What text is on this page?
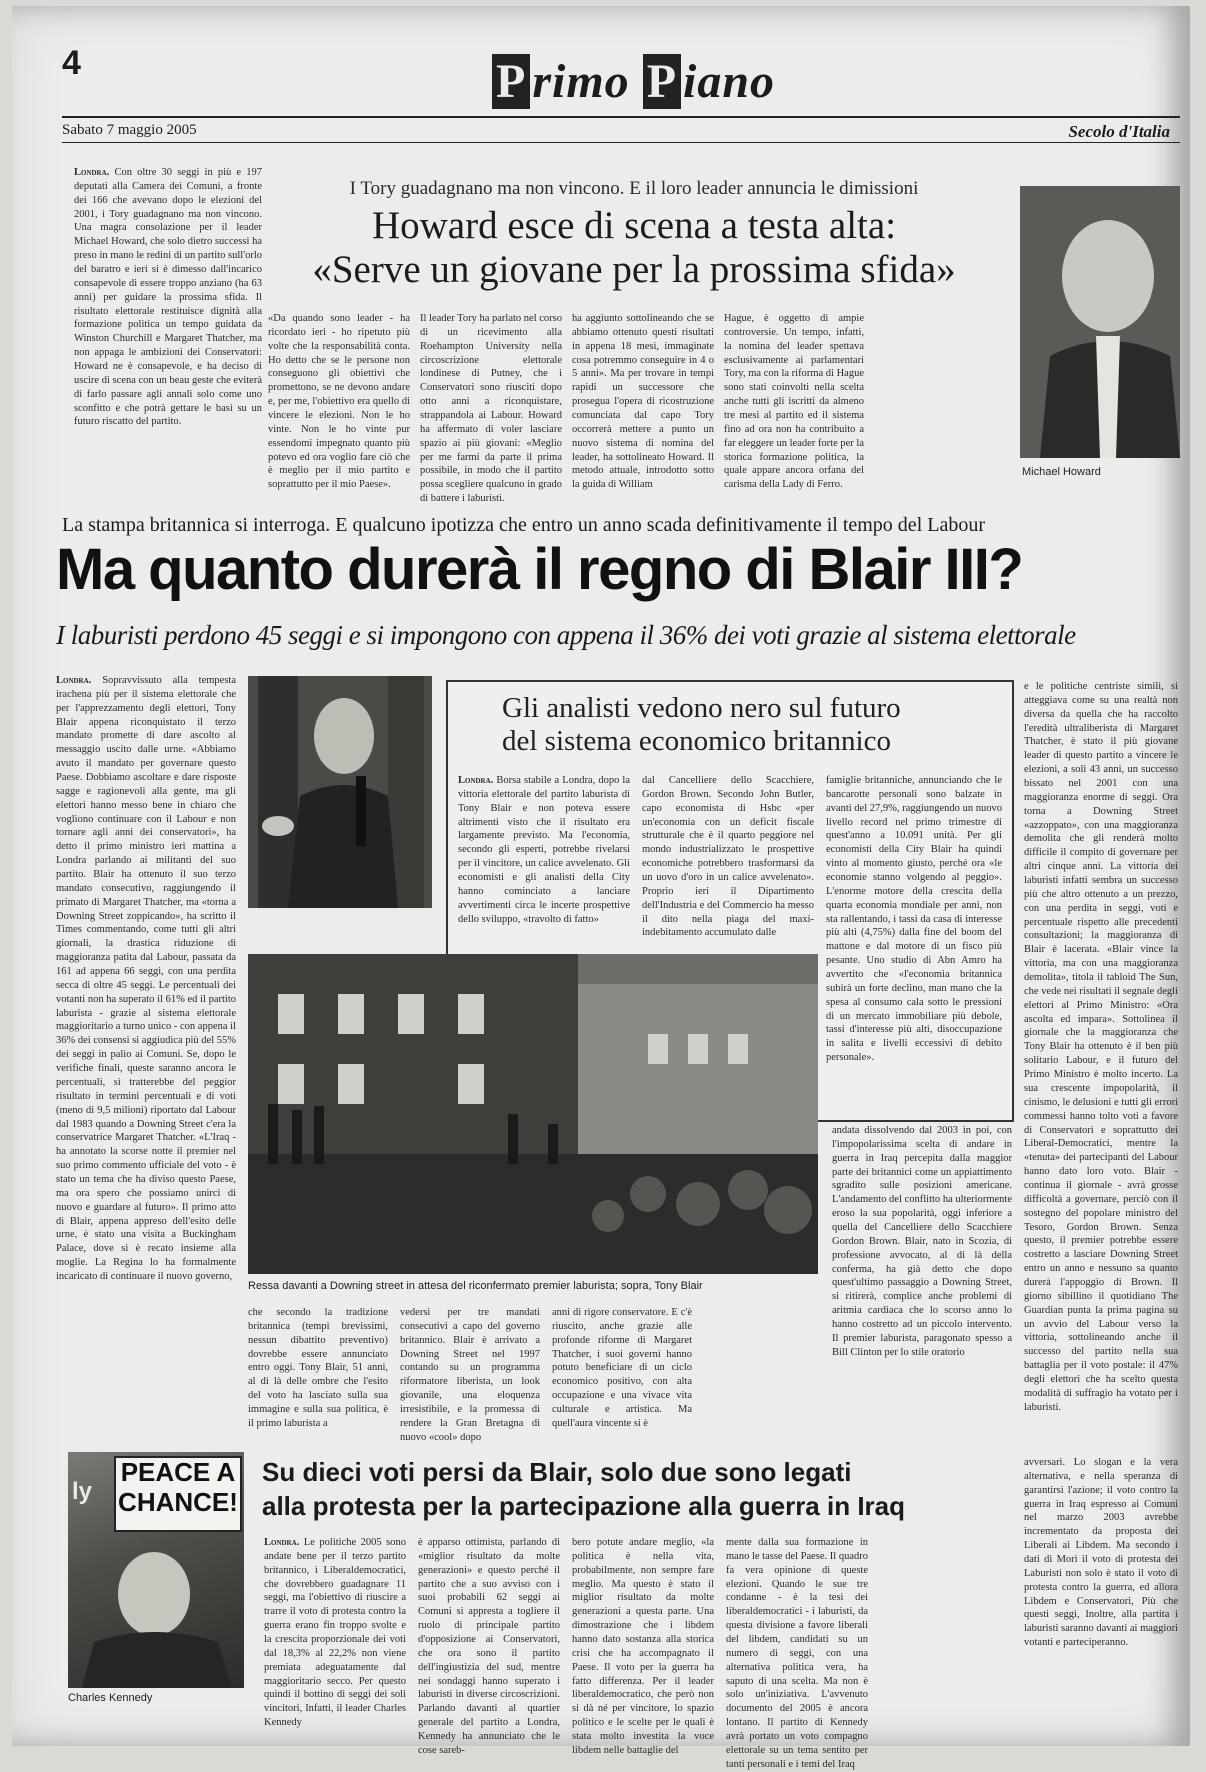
4	P rimo P iano
Sabato 7 maggio 2005	Secolo d'Italia
Londra. Con oltre 30 seggi in più e 197 deputati alla Camera dei Comuni, a fronte dei 166 che avevano dopo le elezioni del 2001, i Tory guadagnano ma non vincono. Una magra consolazione per il leader Michael Howard, che solo dietro successi ha preso in mano le redini di un partito sull'orlo del baratro e ieri si è dimesso dall'incarico consapevole di essere troppo anziano (ha 63 anni) per guidare la prossima sfida. Il risultato elettorale restituisce dignità alla formazione politica un tempo guidata da Winston Churchill e Margaret Thatcher, ma non appaga le ambizioni dei Conservatori: Howard ne è consapevole, e ha deciso di uscire di scena con un beau geste che eviterà di farlo passare agli annali solo come uno sconfitto e che potrà gettare le basi su un futuro riscatto del partito.
I Tory guadagnano ma non vincono. E il loro leader annuncia le dimissioni
Howard esce di scena a testa alta:
«Serve un giovane per la prossima sfida»
«Da quando sono leader - ha ricordato ieri - ho ripetuto più volte che la responsabilità conta. Ho detto che se le persone non conseguono gli obiettivi che promettono, se ne devono andare e, per me, l'obiettivo era quello di vincere le elezioni. Non le ho vinte. Non le ho vinte pur essendomi impegnato quanto più potevo ed ora voglio fare ciò che è meglio per il mio partito e soprattutto per il mio Paese».
Il leader Tory ha parlato nel corso di un ricevimento alla Roehampton University nella circoscrizione elettorale londinese di Putney, che i Conservatori sono riusciti dopo otto anni a riconquistare, strappandola ai Labour. Howard ha affermato di voler lasciare spazio ai più giovani: «Meglio per me farmi da parte il prima possibile, in modo che il partito possa scegliere qualcuno in grado di battere i laburisti.
ha aggiunto sottolineando che se abbiamo ottenuto questi risultati in appena 18 mesi, immaginate cosa potremmo conseguire in 4 o 5 anni». Ma per trovare in tempi rapidi un successore che prosegua l'opera di ricostruzione comunciata dal capo Tory occorrerà mettere a punto un nuovo sistema di nomina del leader, ha sottolineato Howard. Il metodo attuale, introdotto sotto la guida di William
Hague, è oggetto di ampie controversie. Un tempo, infatti, la nomina del leader spettava esclusivamente ai parlamentari Tory, ma con la riforma di Hague sono stati coinvolti nella scelta anche tutti gli iscritti da almeno tre mesi al partito ed il sistema fino ad ora non ha contribuito a far eleggere un leader forte per la storica formazione politica, la quale appare ancora orfana del carisma della Lady di Ferro.
Michael Howard
La stampa britannica si interroga. E qualcuno ipotizza che entro un anno scada definitivamente il tempo del Labour
Ma quanto durerà il regno di Blair III?
I laburisti perdono 45 seggi e si impongono con appena il 36% dei voti grazie al sistema elettorale
Londra. Sopravvissuto alla tempesta irachena più per il sistema elettorale che per l'apprezzamento degli elettori, Tony Blair appena riconquistato il terzo mandato promette di dare ascolto al messaggio uscito dalle urne. «Abbiamo avuto il mandato per governare questo Paese. Dobbiamo ascoltare e dare risposte sagge e ragionevoli alla gente, ma gli elettori hanno messo bene in chiaro che vogliono continuare con il Labour e non tornare agli anni dei conservatori», ha detto il primo ministro ieri mattina a Londra parlando ai militanti del suo partito. Blair ha ottenuto il suo terzo mandato consecutivo, raggiungendo il primato di Margaret Thatcher, ma «torna a Downing Street zoppicando», ha scritto il Times commentando, come tutti gli altri giornali, la drastica riduzione di maggioranza patita dal Labour, passata da 161 ad appena 66 seggi, con una perdita secca di oltre 45 seggi. Le percentuali dei votanti non ha superato il 61% ed il partito laburista - grazie al sistema elettorale maggioritario a turno unico - con appena il 36% dei consensi si aggiudica più del 55% dei seggi in palio ai Comuni. Se, dopo le verifiche finali, queste saranno ancora le percentuali, si tratterebbe del peggior risultato in termini percentuali e di voti (meno di 9,5 milioni) riportato dal Labour dal 1983 quando a Downing Street c'era la conservatrice Margaret Thatcher. «L'Iraq - ha annotato la scorse notte il premier nel suo primo commento ufficiale del voto - è stato un tema che ha diviso questo Paese, ma ora spero che possiamo unirci di nuovo e guardare al futuro». Il primo atto di Blair, appena appreso dell'esito delle urne, è stato una visita a Buckingham Palace, dove si è recato insieme alla moglie. La Regina lo ha formalmente incaricato di continuare il nuovo governo,
Gli analisti vedono nero sul futuro
del sistema economico britannico
Londra. Borsa stabile a Londra, dopo la vittoria elettorale del partito laburista di Tony Blair e non poteva essere altrimenti visto che il risultato era largamente previsto. Ma l'economia, secondo gli esperti, potrebbe rivelarsi per il vincitore, un calice avvelenato. Gli economisti e gli analisti della City hanno cominciato a lanciare avvertimenti circa le incerte prospettive dello sviluppo, «travolto di fatto»
dal Cancelliere dello Scacchiere, Gordon Brown. Secondo John Butler, capo economista di Hsbc «per un'economia con un deficit fiscale strutturale che è il quarto peggiore nel mondo industrializzato le prospettive economiche potrebbero trasformarsi da un uovo d'oro in un calice avvelenato». Proprio ieri il Dipartimento dell'Industria e del Commercio ha messo il dito nella piaga del maxi-indebitamento accumulato dalle
famiglie britanniche, annunciando che le bancarotte personali sono balzate in avanti del 27,9%, raggiungendo un nuovo livello record nel primo trimestre di quest'anno a 10.091 unità. Per gli economisti della City Blair ha quindi vinto al momento giusto, perché ora «le economie stanno volgendo al peggio». L'enorme motore della crescita della quarta economia mondiale per anni, non sta rallentando, i tassi da casa di interesse più alti (4,75%) dalla fine del boom del mattone e dal motore di un fisco più pesante. Uno studio di Abn Amro ha avvertito che «l'economia britannica subirà un forte declino, man mano che la spesa al consumo cala sotto le pressioni di un mercato immobiliare più debole, tassi d'interesse più alti, disoccupazione in salita e livelli eccessivi di debito personale».
Ressa davanti a Downing street in attesa del riconfermato premier laburista; sopra, Tony Blair
che secondo la tradizione britannica (tempi brevissimi, nessun dibattito preventivo) dovrebbe essere annunciato entro oggi. Tony Blair, 51 anni, al di là delle ombre che l'esito del voto ha lasciato sulla sua immagine e sulla sua politica, è il primo laburista a
vedersi per tre mandati consecutivi a capo del governo britannico. Blair è arrivato a Downing Street nel 1997 contando su un programma riformatore liberista, un look giovanile, una eloquenza irresistibile, e la promessa di rendere la Gran Bretagna di nuovo «cool» dopo
anni di rigore conservatore. E c'è riuscito, anche grazie alle profonde riforme di Margaret Thatcher, i suoi governi hanno potuto beneficiare di un ciclo economico positivo, con alta occupazione e una vivace vita culturale e artistica. Ma quell'aura vincente si è
andata dissolvendo dal 2003 in poi, con l'impopolarissima scelta di andare in guerra in Iraq percepita dalla maggior parte dei britannici come un appiattimento sgradito sulle posizioni americane. L'andamento del conflitto ha ulteriormente eroso la sua popolarità, oggi inferiore a quella del Cancelliere dello Scacchiere Gordon Brown. Blair, nato in Scozia, di professione avvocato, al di là della conferma, ha già detto che dopo quest'ultimo passaggio a Downing Street, si ritirerà, complice anche problemi di aritmia cardiaca che lo scorso anno lo hanno costretto ad un piccolo intervento. Il premier laburista, paragonato spesso a Bill Clinton per lo stile oratorio
e le politiche centriste simili, si atteggiava come su una realtà non diversa da quella che ha raccolto l'eredità ultraliberista di Margaret Thatcher, è stato il più giovane leader di questo partito a vincere le elezioni, a soli 43 anni, un successo bissato nel 2001 con una maggioranza enorme di seggi. Ora torna a Downing Street «azzoppato», con una maggioranza demolita che gli renderà molto difficile il compito di governare per altri cinque anni. La vittoria dei laburisti infatti sembra un successo più che altro ottenuto a un prezzo, con una perdita in seggi, voti e percentuale rispetto alle precedenti consultazioni; la maggioranza di Blair è lacerata. «Blair vince la vittoria, ma con una maggioranza demolita», titola il tabloid The Sun, che vede nei risultati il segnale degli elettori al Primo Ministro: «Ora ascolta ed impara». Sottolinea il giornale che la maggioranza che Tony Blair ha ottenuto è il ben più solitario Labour, e il futuro del Primo Ministro è molto incerto. La sua crescente impopolarità, il cinismo, le delusioni e tutti gli errori commessi hanno tolto voti a favore di Conservatori e soprattutto dei Liberal-Democratici, mentre la «tenuta» dei partecipanti del Labour hanno dato loro voto. Blair - continua il giornale - avrà grosse difficoltà a governare, perciò con il sostegno del popolare ministro del Tesoro, Gordon Brown. Senza questo, il premier potrebbe essere costretto a lasciare Downing Street entro un anno e nessuno sa quanto durerà l'appoggio di Brown. Il giorno sibillino il quotidiano The Guardian punta la prima pagina su un avvio del Labour verso la vittoria, sottolineando anche il successo del partito nella sua battaglia per il voto postale: il 47% degli elettori che ha scelto questa modalità di suffragio ha votato per i laburisti.
PEACE A
CHANCE!
ly
Charles Kennedy
Su dieci voti persi da Blair, solo due sono legati
alla protesta per la partecipazione alla guerra in Iraq
Londra. Le politiche 2005 sono andate bene per il terzo partito britannico, i Liberaldemocratici, che dovrebbero guadagnare 11 seggi, ma l'obiettivo di riuscire a trarre il voto di protesta contro la guerra erano fin troppo svolte e la crescita proporzionale dei voti dal 18,3% al 22,2% non viene premiata adeguatamente dal maggioritario secco. Per questo quindi il bottino di seggi dei soli vincitori, Infatti, il leader Charles Kennedy
è apparso ottimista, parlando di «miglior risultato da molte generazioni» e questo perché il partito che a suo avviso con i suoi probabili 62 seggi ai Comuni si appresta a togliere il ruolo di principale partito d'opposizione ai Conservatori, che ora sono il partito dell'ingiustizia del sud, mentre nei sondaggi hanno superato i laburisti in diverse circoscrizioni. Parlando davanti al quartier generale del partito a Londra, Kennedy ha annunciato che le cose sareb-
bero potute andare meglio, «la politica è nella vita, probabilmente, non sempre fare meglio. Ma questo è stato il miglior risultato da molte generazioni a questa parte. Una dimostrazione che i libdem hanno dato sostanza alla storica crisi che ha accompagnato il Paese. Il voto per la guerra ha fatto differenza. Per il leader liberaldemocratico, che però non si dà né per vincitore, lo spazio politico e le scelte per le quali è stata molto investita la voce libdem nelle battaglie del
mente dalla sua formazione in mano le tasse del Paese. Il quadro fa vera opinione di queste elezioni. Quando le sue tre condanne - è la tesi dei liberaldemocratici - i laburisti, da questa divisione a favore liberali del libdem, candidati su un numero di seggi, con una alternativa politica vera, ha saputo di una scelta. Ma non è solo un'iniziativa. L'avvenuto documento del 2005 è ancora lontano. Il partito di Kennedy avrà portato un voto compagno elettorale su un tema sentito per tanti personali e i temi del Iraq
avversari. Lo slogan e la vera alternativa, e nella speranza di garantirsi l'azione; il voto contro la guerra in Iraq espresso ai Comuni nel marzo 2003 avrebbe incrementato da proposta dei Liberali ai Libdem. Ma secondo i dati di Mori il voto di protesta dei Laburisti non solo è stato il voto di protesta contro la guerra, ed allora Libdem e Conservatori, Più che questi seggi, Inoltre, alla partita i laburisti saranno davanti ai maggiori votanti e parteciperanno.
